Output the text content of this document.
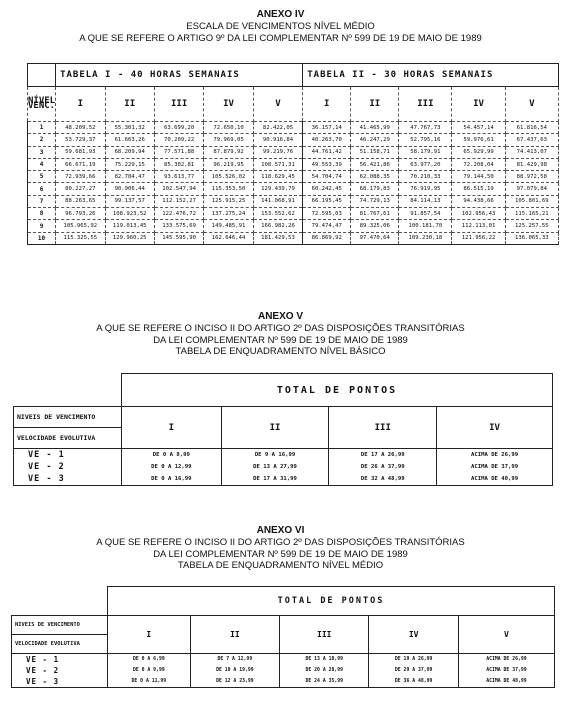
ANEXO IV
ESCALA DE VENCIMENTOS NÍVEL MÉDIO
A QUE SE REFERE O ARTIGO 9º DA LEI COMPLEMENTAR Nº 599 DE 19 DE MAIO DE 1989
	TABELA I - 40 HORAS SEMANAIS					TABELA II - 30 HORAS SEMANAIS				
NÍVEL VENC.	I	II	III	IV	V	I	II	III	IV	V
1	48.209,52	55.301,32	63.699,20	72.650,10	82.422,05	36.157,14	41.465,99	47.767,73	54.457,14	61.816,54
2	53.729,37	61.663,26	70.209,22	79.969,05	90.916,84	40.263,70	46.247,29	52.795,16	59.976,61	67.437,63
3	59.681,93	68.209,94	77.571,88	87.879,92	99.219,76	44.761,42	51.158,71	58.179,91	65.929,99	74.413,07
4	66.671,19	75.229,15	85.302,81	96.219,95	108.571,31	49.553,39	56.421,86	63.977,20	72.208,04	81.429,98
5	72.939,66	82.784,47	93.613,77	105.526,02	118.629,45	54.704,74	62.088,35	70.210,33	79.144,50	88.972,58
6	80.227,27	90.906,44	102.547,94	115.353,50	129.439,79	60.242,45	68.179,83	76.919,95	86.515,19	97.079,84
7	88.263,65	99.137,57	112.152,27	125.915,25	141.068,91	66.195,45	74.729,13	84.114,13	94.438,66	105.801,69
8	96.793,26	108.923,52	122.476,72	137.275,24	153.552,62	72.595,03	81.767,61	91.857,54	102.956,43	115.165,21
9	105.965,92	119.013,45	133.575,69	149.485,91	166.982,26	79.474,47	89.325,06	100.181,70	112.113,01	125.257,55
10	115.325,55	129.960,25	145.595,90	162.646,44	181.429,53	86.869,92	97.470,64	109.230,18	121.956,22	136.065,33
ANEXO V
A QUE SE REFERE O INCISO II DO ARTIGO 2º DAS DISPOSIÇÕES TRANSITÓRIAS
DA LEI COMPLEMENTAR Nº 599 DE 19 DE MAIO DE 1989
TABELA DE ENQUADRAMENTO NÍVEL BÁSICO
	TOTAL DE PONTOS			
NIVEIS DE VENCIMENTO	I	II	III	IV
VELOCIDADE EVOLUTIVA				
VE - 1	DE 0 A 8,99	DE 9 A 16,99	DE 17 A 26,99	ACIMA DE 26,99
VE - 2	DE 0 A 12,99	DE 13 A 27,99	DE 26 A 37,99	ACIMA DE 37,99
VE - 3	DE 0 A 16,99	DE 17 A 31,99	DE 32 A 48,99	ACIMA DE 40,99
ANEXO VI
A QUE SE REFERE O INCISO II DO ARTIGO 2º DAS DISPOSIÇÕES TRANSITÓRIAS
DA LEI COMPLEMENTAR Nº 599 DE 19 DE MAIO DE 1989
TABELA DE ENQUADRAMENTO NÍVEL MÉDIO
	TOTAL DE PONTOS				
NIVEIS DE VENCIMENTO	I	II	III	IV	V
VELOCIDADE EVOLUTIVA					
VE - 1	DE 0 A 6,99	DE 7 A 12,99	DE 13 A 18,99	DE 19 A 26,99	ACIMA DE 26,99
VE - 2	DE 0 A 9,99	DE 10 A 19,99	DE 20 A 28,99	DE 29 A 37,99	ACIMA DE 37,99
VE - 3	DE 0 A 11,99	DE 12 A 23,99	DE 24 A 35,99	DE 36 A 48,99	ACIMA DE 48,99
